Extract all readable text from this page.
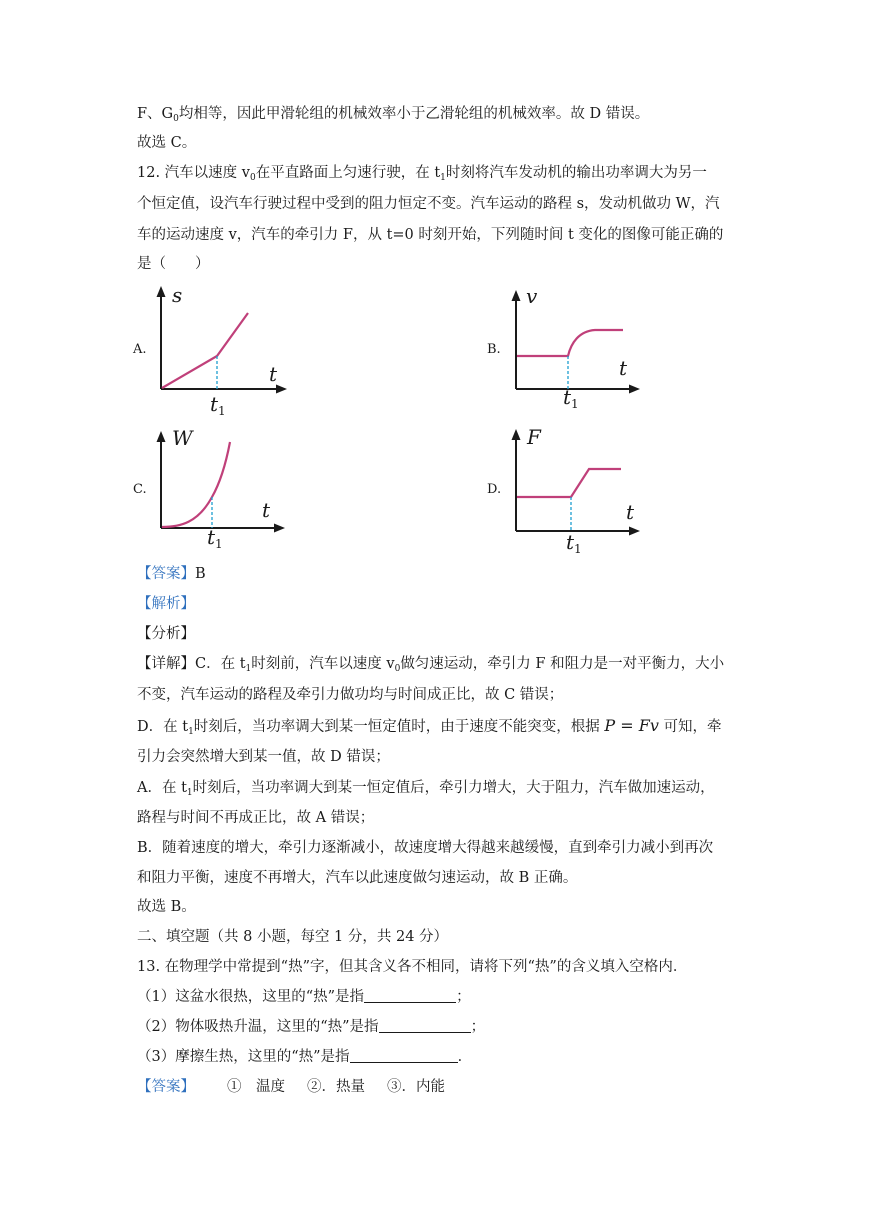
F、$G_0$均相等，因此甲滑轮组的机械效率小于乙滑轮组的机械效率。故 D 错误。
故选 C。
12. 汽车以速度 $v_0$在平直路面上匀速行驶，在 $t_1$时刻将汽车发动机的输出功率调大为另一
个恒定值，设汽车行驶过程中受到的阻力恒定不变。汽车运动的路程 s，发动机做功 W，汽
车的运动速度 v，汽车的牵引力 F，从 t=0 时刻开始，下列随时间 t 变化的图像可能正确的
是（　　）
A.
s
t
$t_1$
B.
v
t
$t_1$
C.
W
t
$t_1$
D.
F
t
$t_1$
【答案】B
【解析】
【分析】
【详解】C．在 $t_1$时刻前，汽车以速度 $v_0$做匀速运动，牵引力 F 和阻力是一对平衡力，大小
不变，汽车运动的路程及牵引力做功均与时间成正比，故 C 错误；
D．在 $t_1$时刻后，当功率调大到某一恒定值时，由于速度不能突变，根据 P = Fv 可知，牵
引力会突然增大到某一值，故 D 错误；
A．在 $t_1$时刻后，当功率调大到某一恒定值后，牵引力增大，大于阻力，汽车做加速运动，
路程与时间不再成正比，故 A 错误；
B．随着速度的增大，牵引力逐渐减小，故速度增大得越来越缓慢，直到牵引力减小到再次
和阻力平衡，速度不再增大，汽车以此速度做匀速运动，故 B 正确。
故选 B。
二、填空题（共 8 小题，每空 1 分，共 24 分）
13. 在物理学中常提到“热”字，但其含义各不相同，请将下列“热”的含义填入空格内．
（1）这盆水很热，这里的“热”是指	；
（2）物体吸热升温，这里的“热”是指	；
（3）摩擦生热，这里的“热”是指	．
【答案】 ①　温度 ②．热量 ③．内能
